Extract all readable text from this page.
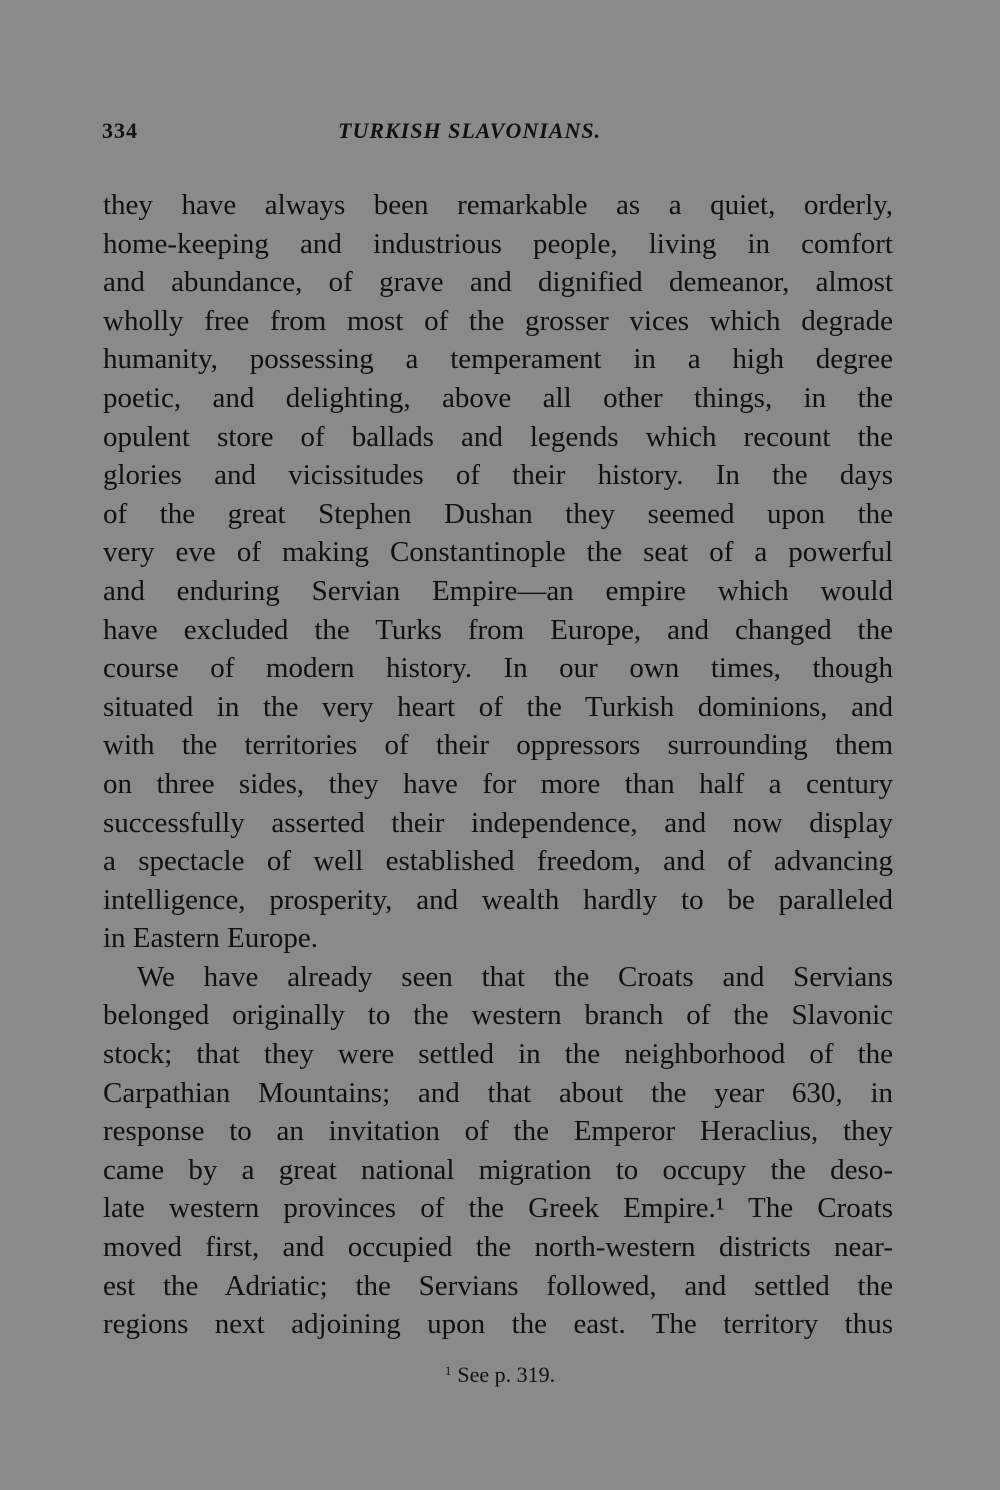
334	TURKISH SLAVONIANS.
they have always been remarkable as a quiet, orderly,
home-keeping and industrious people, living in comfort
and abundance, of grave and dignified demeanor, almost
wholly free from most of the grosser vices which degrade
humanity, possessing a temperament in a high degree
poetic, and delighting, above all other things, in the
opulent store of ballads and legends which recount the
glories and vicissitudes of their history. In the days
of the great Stephen Dushan they seemed upon the
very eve of making Constantinople the seat of a powerful
and enduring Servian Empire—an empire which would
have excluded the Turks from Europe, and changed the
course of modern history. In our own times, though
situated in the very heart of the Turkish dominions, and
with the territories of their oppressors surrounding them
on three sides, they have for more than half a century
successfully asserted their independence, and now display
a spectacle of well established freedom, and of advancing
intelligence, prosperity, and wealth hardly to be paralleled
in Eastern Europe.
We have already seen that the Croats and Servians
belonged originally to the western branch of the Slavonic
stock; that they were settled in the neighborhood of the
Carpathian Mountains; and that about the year 630, in
response to an invitation of the Emperor Heraclius, they
came by a great national migration to occupy the deso-
late western provinces of the Greek Empire.¹ The Croats
moved first, and occupied the north-western districts near-
est the Adriatic; the Servians followed, and settled the
regions next adjoining upon the east. The territory thus
$^1$ See p. 319.
